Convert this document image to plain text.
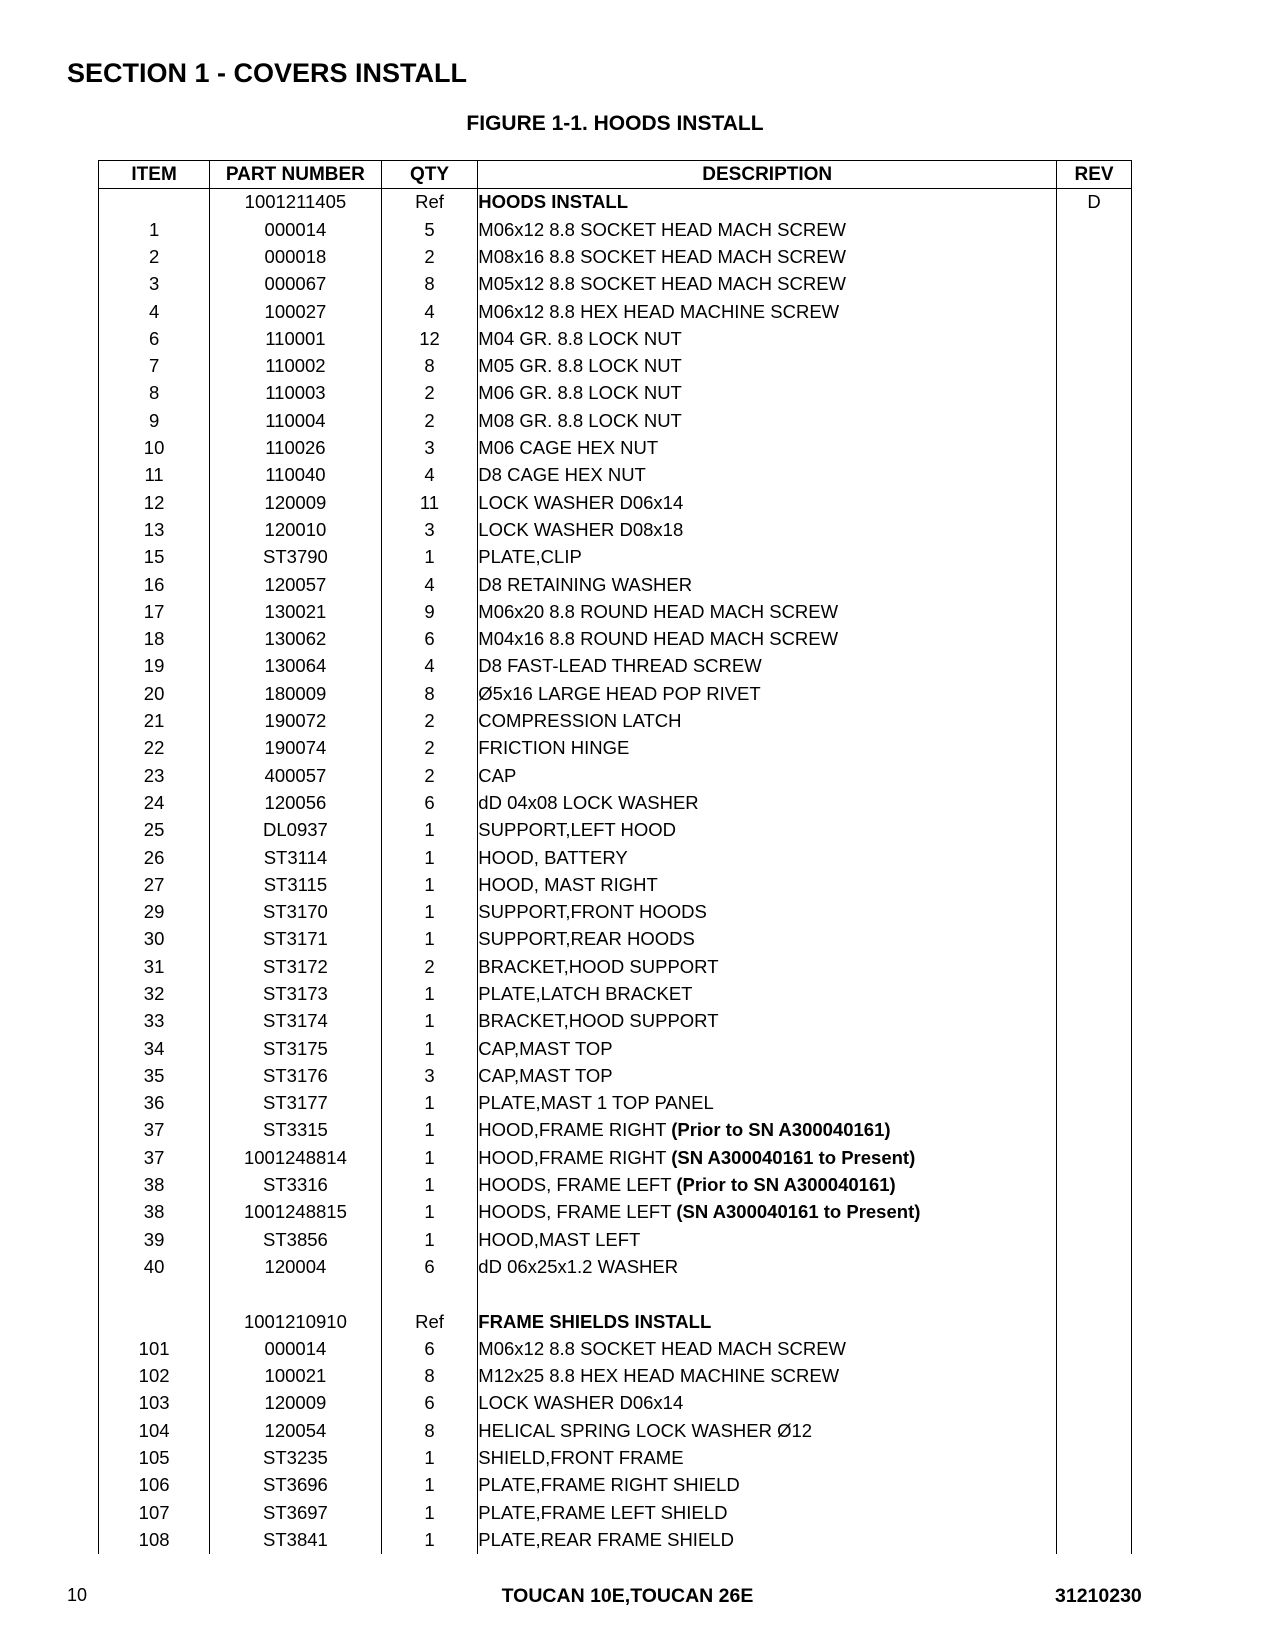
SECTION 1 - COVERS INSTALL
FIGURE 1-1. HOODS INSTALL
ITEM	PART NUMBER	QTY	DESCRIPTION	REV
	1001211405	Ref	HOODS INSTALL	D
1	000014	5	M06x12 8.8 SOCKET HEAD MACH SCREW	
2	000018	2	M08x16 8.8 SOCKET HEAD MACH SCREW	
3	000067	8	M05x12 8.8 SOCKET HEAD MACH SCREW	
4	100027	4	M06x12 8.8 HEX HEAD MACHINE SCREW	
6	110001	12	M04 GR. 8.8 LOCK NUT	
7	110002	8	M05 GR. 8.8 LOCK NUT	
8	110003	2	M06 GR. 8.8 LOCK NUT	
9	110004	2	M08 GR. 8.8 LOCK NUT	
10	110026	3	M06 CAGE HEX NUT	
11	110040	4	D8 CAGE HEX NUT	
12	120009	11	LOCK WASHER D06x14	
13	120010	3	LOCK WASHER D08x18	
15	ST3790	1	PLATE,CLIP	
16	120057	4	D8 RETAINING WASHER	
17	130021	9	M06x20 8.8 ROUND HEAD MACH SCREW	
18	130062	6	M04x16 8.8 ROUND HEAD MACH SCREW	
19	130064	4	D8 FAST-LEAD THREAD SCREW	
20	180009	8	Ø5x16 LARGE HEAD POP RIVET	
21	190072	2	COMPRESSION LATCH	
22	190074	2	FRICTION HINGE	
23	400057	2	CAP	
24	120056	6	dD 04x08 LOCK WASHER	
25	DL0937	1	SUPPORT,LEFT HOOD	
26	ST3114	1	HOOD, BATTERY	
27	ST3115	1	HOOD, MAST RIGHT	
29	ST3170	1	SUPPORT,FRONT HOODS	
30	ST3171	1	SUPPORT,REAR HOODS	
31	ST3172	2	BRACKET,HOOD SUPPORT	
32	ST3173	1	PLATE,LATCH BRACKET	
33	ST3174	1	BRACKET,HOOD SUPPORT	
34	ST3175	1	CAP,MAST TOP	
35	ST3176	3	CAP,MAST TOP	
36	ST3177	1	PLATE,MAST 1 TOP PANEL	
37	ST3315	1	HOOD,FRAME RIGHT (Prior to SN A300040161)	
37	1001248814	1	HOOD,FRAME RIGHT (SN A300040161 to Present)	
38	ST3316	1	HOODS, FRAME LEFT (Prior to SN A300040161)	
38	1001248815	1	HOODS, FRAME LEFT (SN A300040161 to Present)	
39	ST3856	1	HOOD,MAST LEFT	
40	120004	6	dD 06x25x1.2 WASHER	

	1001210910	Ref	FRAME SHIELDS INSTALL	
101	000014	6	M06x12 8.8 SOCKET HEAD MACH SCREW	
102	100021	8	M12x25 8.8 HEX HEAD MACHINE SCREW	
103	120009	6	LOCK WASHER D06x14	
104	120054	8	HELICAL SPRING LOCK WASHER Ø12	
105	ST3235	1	SHIELD,FRONT FRAME	
106	ST3696	1	PLATE,FRAME RIGHT SHIELD	
107	ST3697	1	PLATE,FRAME LEFT SHIELD	
108	ST3841	1	PLATE,REAR FRAME SHIELD	
10	TOUCAN 10E,TOUCAN 26E	31210230
